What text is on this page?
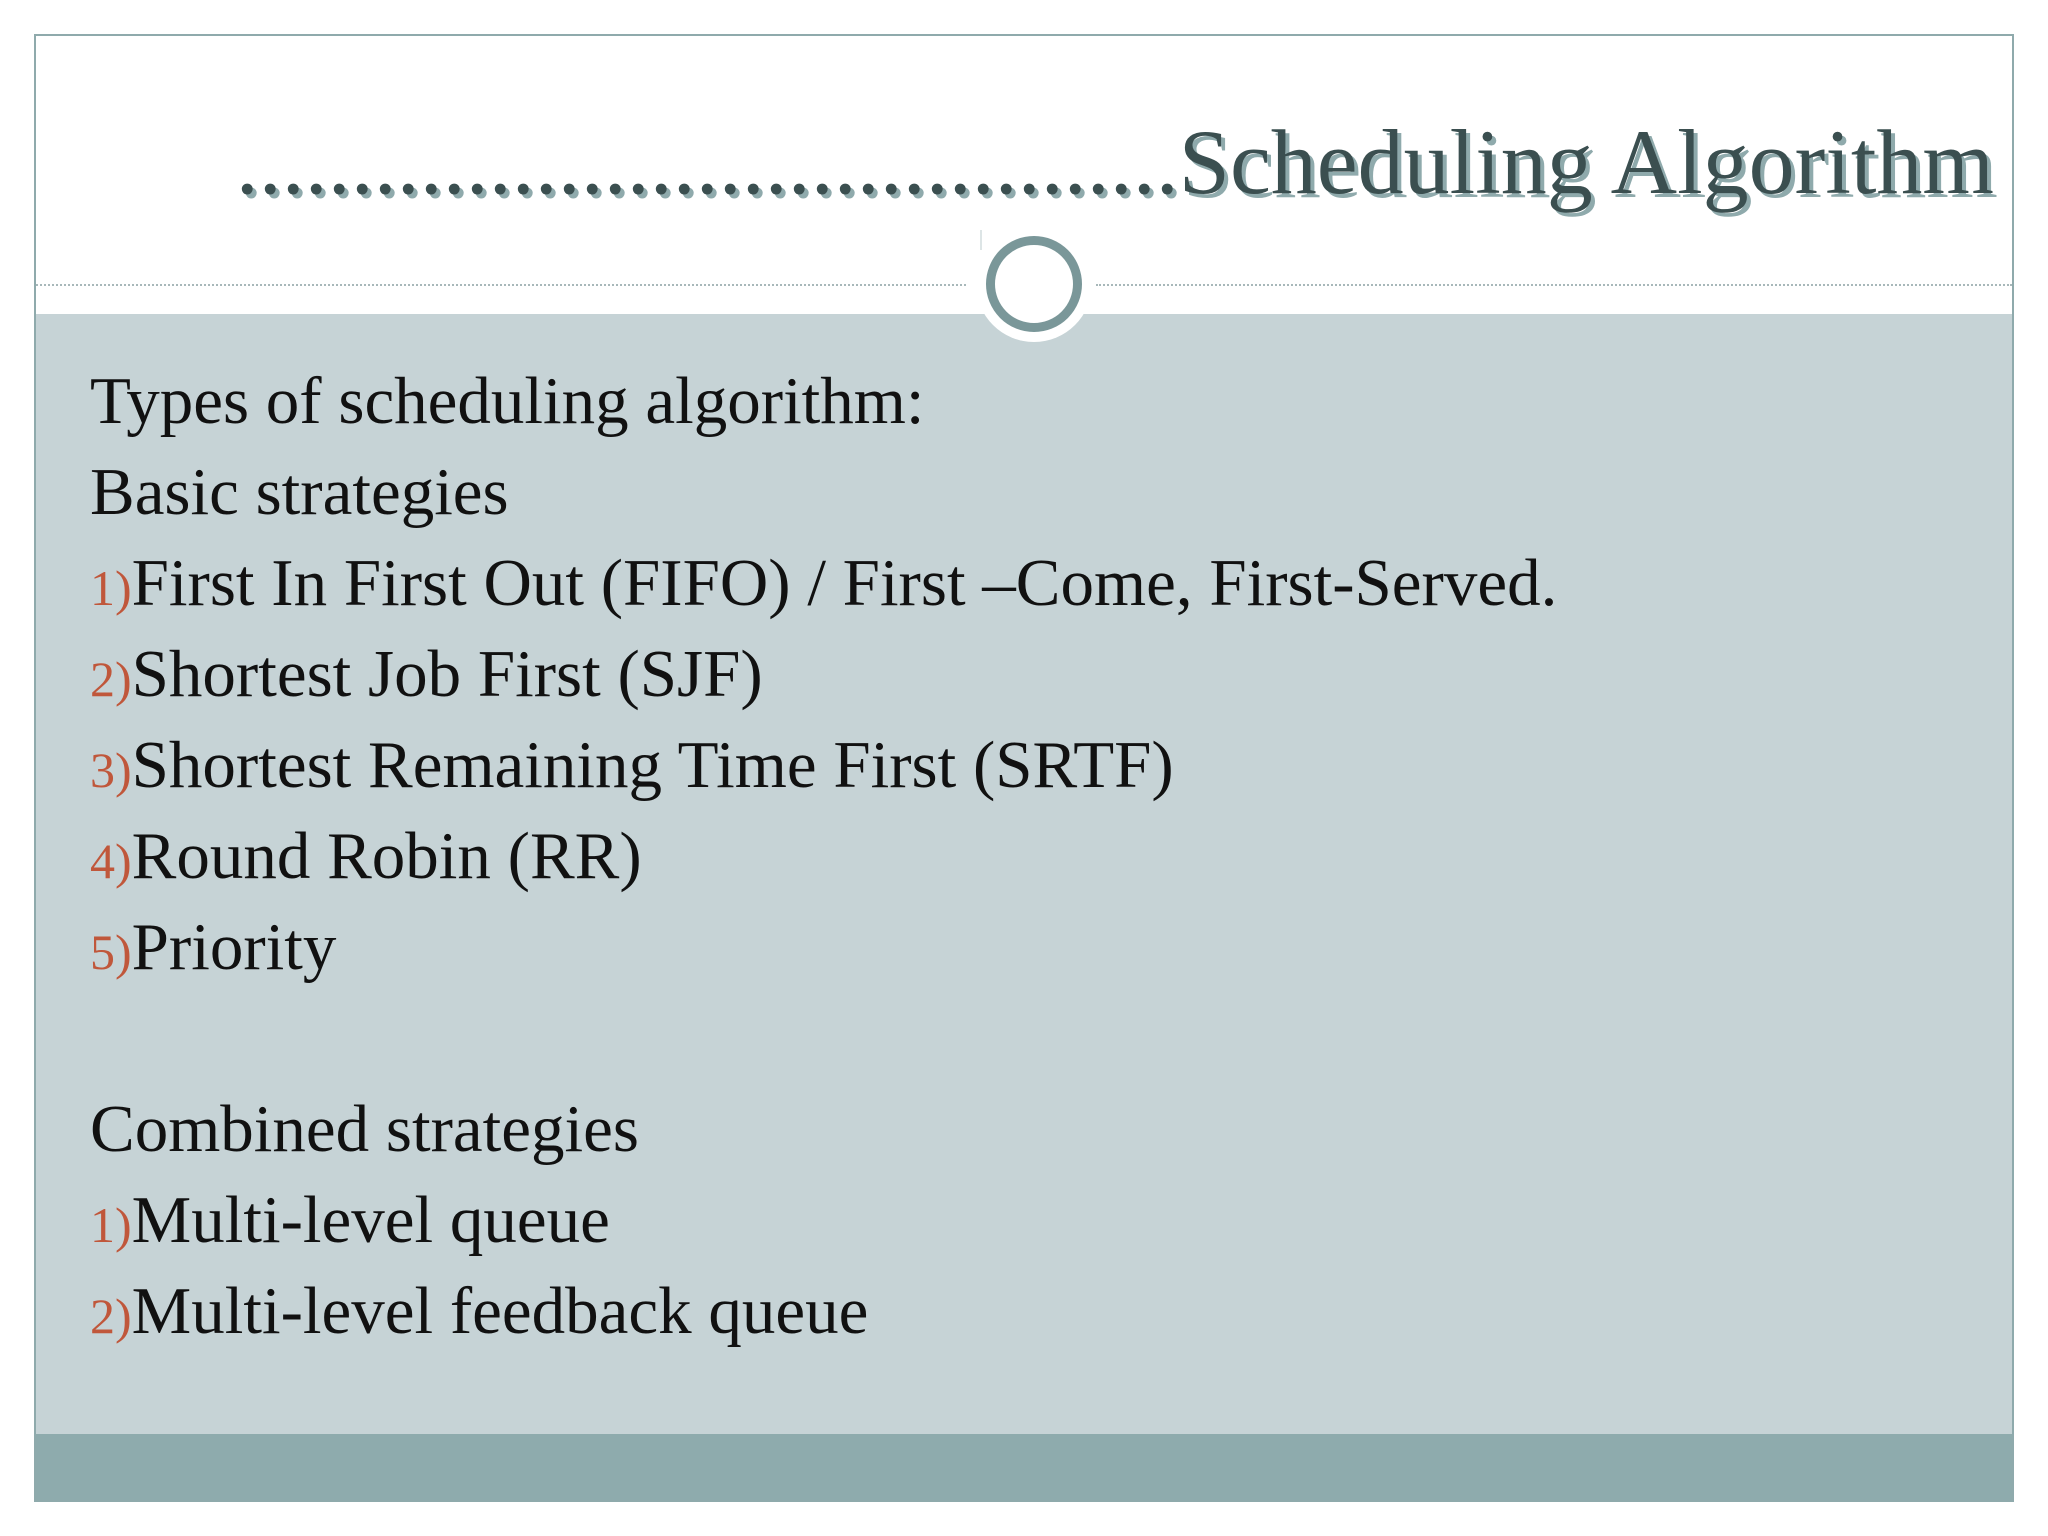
.........................................Scheduling Algorithm
Types of scheduling algorithm:
Basic strategies
1)First In First Out (FIFO) / First –Come, First-Served.
2)Shortest Job First (SJF)
3)Shortest Remaining Time First (SRTF)
4)Round Robin (RR)
5)Priority
Combined strategies
1)Multi-level queue
2)Multi-level feedback queue
